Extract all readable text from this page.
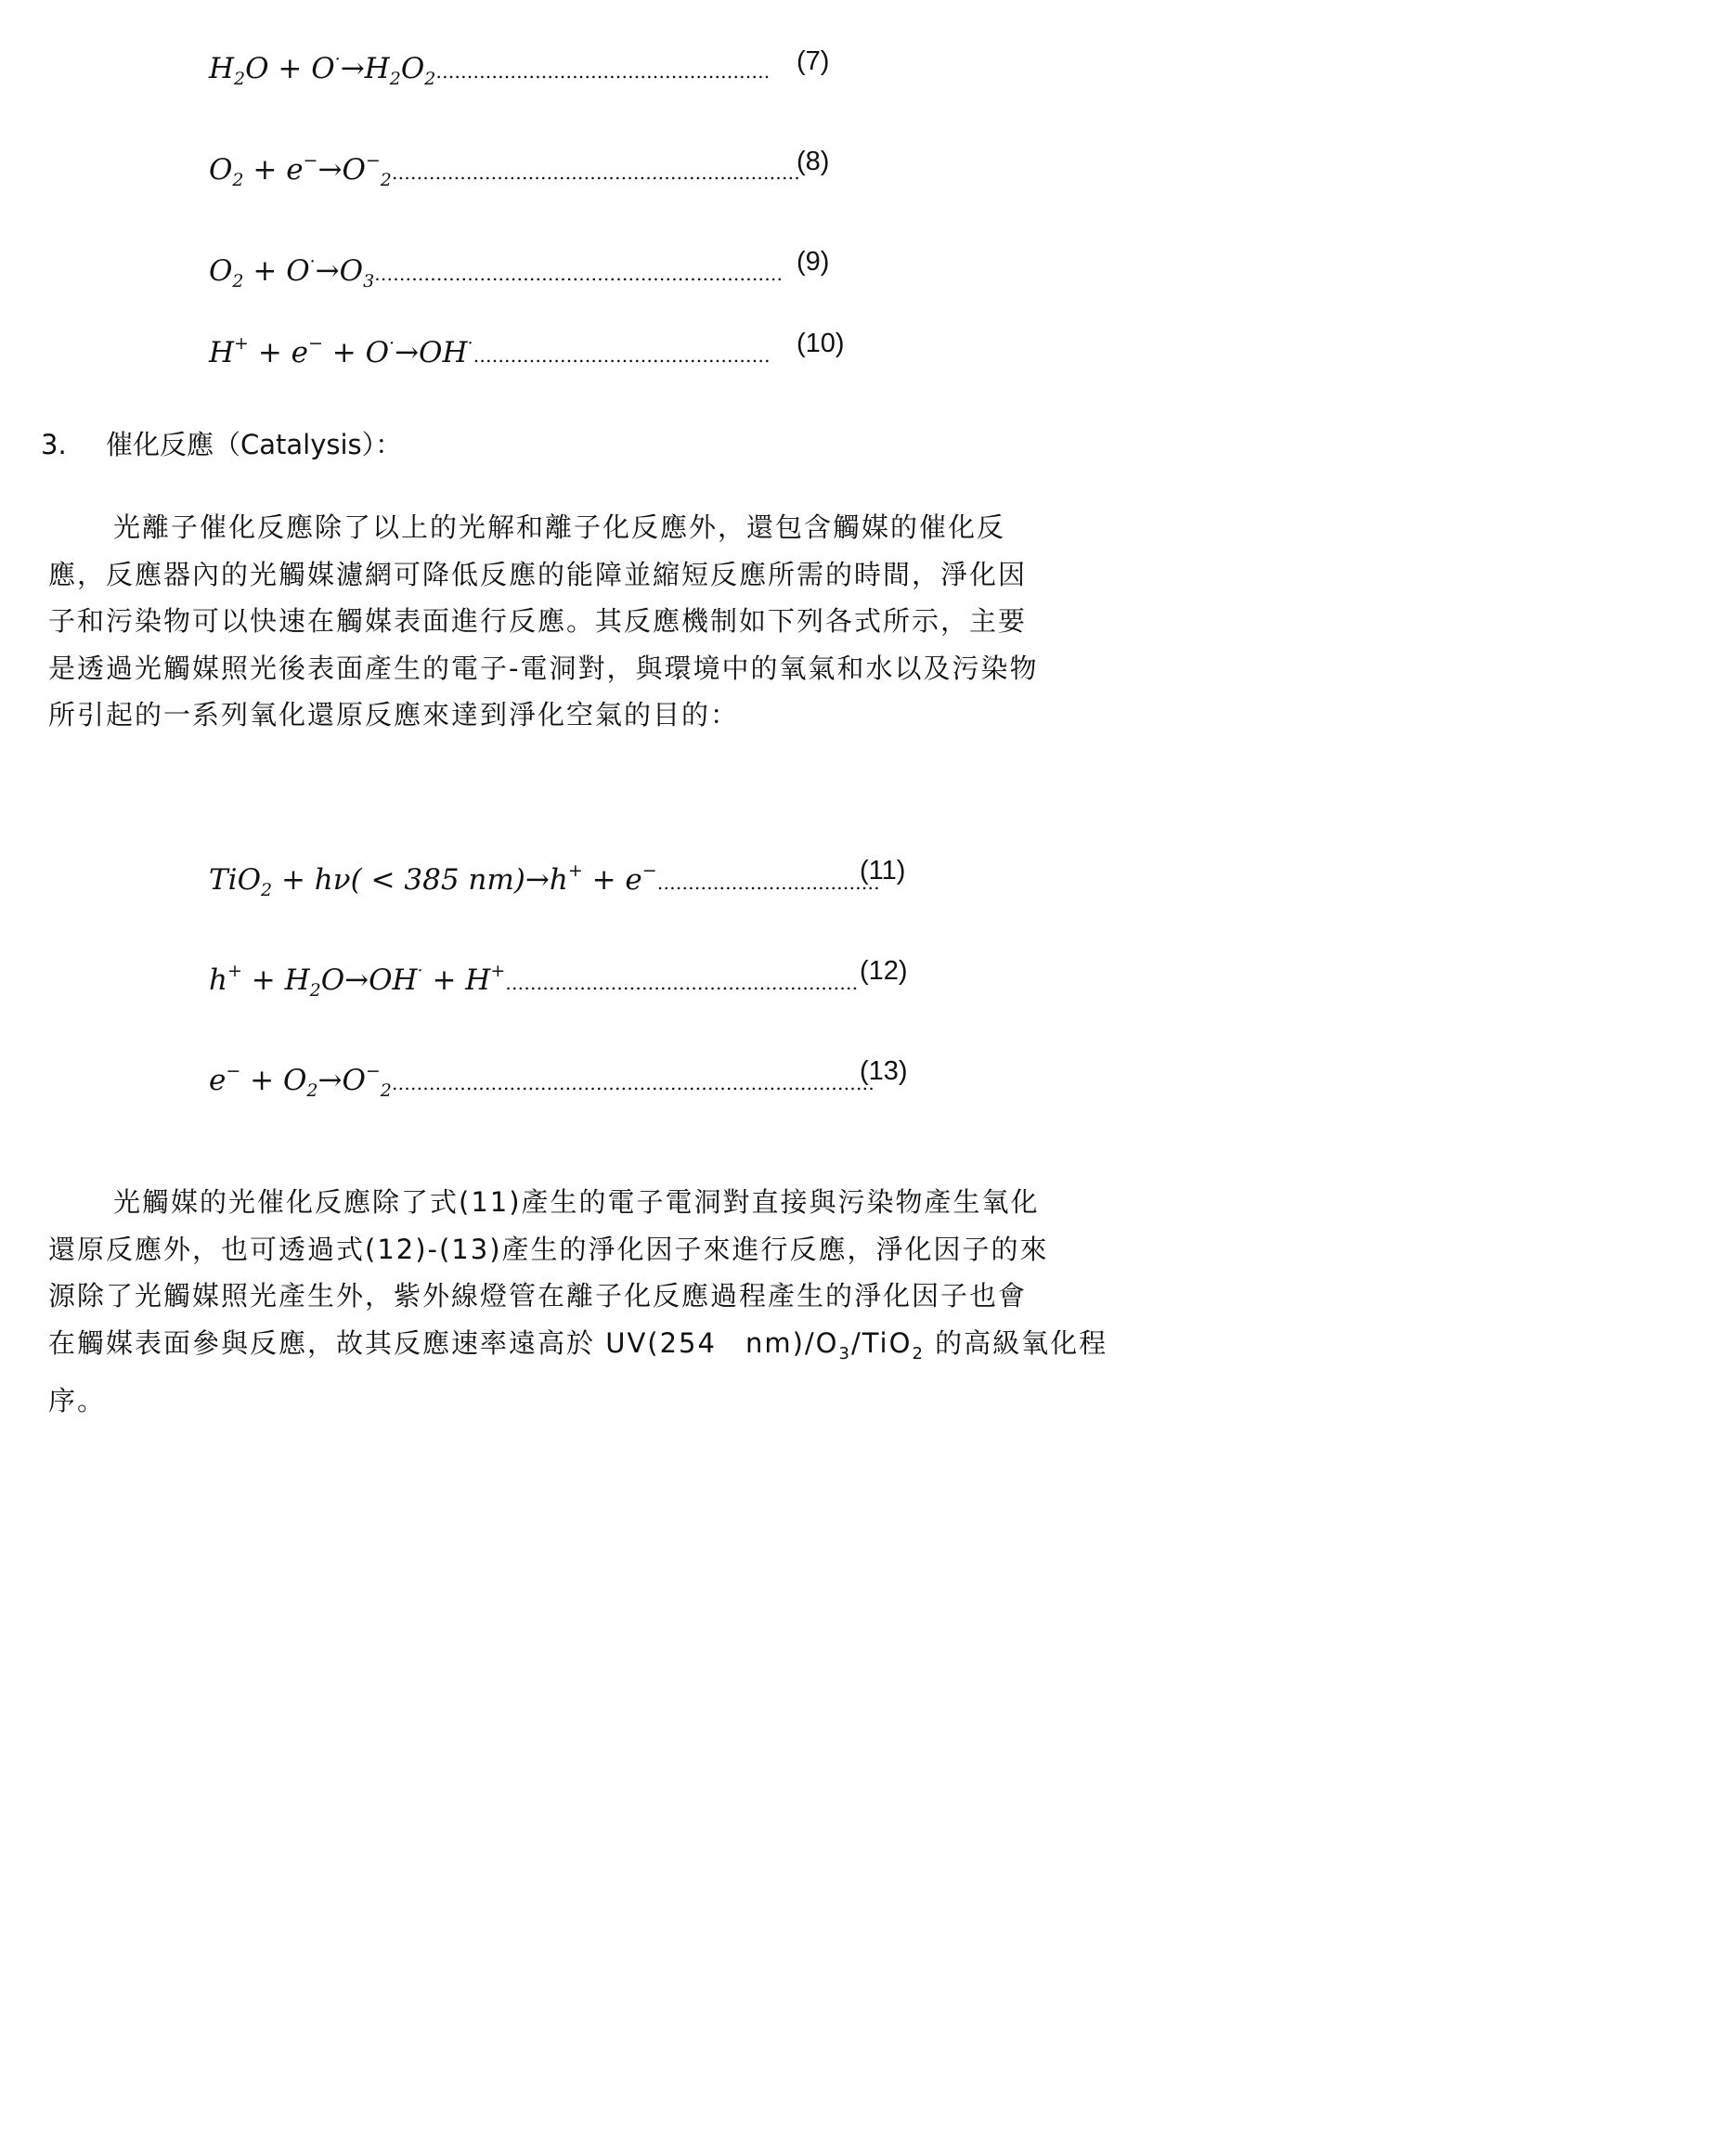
$H_2O$ + $O^\cdot\to H_2O_2\dots\dots\dots\dots\dots\dots\dots\dots\dots\dots\dots\dots\dots\dots\dots\dots\dots\dots$ (7)
$O_2$ + $e^-\to O^-_2\dots\dots\dots\dots\dots\dots\dots\dots\dots\dots\dots\dots\dots\dots\dots\dots\dots\dots\dots\dots\dots\dots$
(8)
$O_2$ + $O^\cdot\to O_3\dots\dots\dots\dots\dots\dots\dots\dots\dots\dots\dots\dots\dots\dots\dots\dots\dots\dots\dots\dots\dots\dots$ (9)
H+ + e− + O·→OH·………………………………………… (10)
3. 催化反應（Catalysis）：
光離子催化反應除了以上的光解和離子化反應外，還包含觸媒的催化反
應，反應器內的光觸媒濾網可降低反應的能障並縮短反應所需的時間，淨化因
子和污染物可以快速在觸媒表面進行反應。其反應機制如下列各式所示，主要
是透過光觸媒照光後表面產生的電子-電洞對，與環境中的氧氣和水以及污染物
所引起的一系列氧化還原反應來達到淨化空氣的目的：
TiO$_2$ + hν( < 385 nm)→h+ + e−………………………………
(11)
$h^+ + H_2O\to OH^\cdot$ + H+………………………………………………… (12)
$e^- + O_2\to O^-_2\dots\dots\dots\dots\dots\dots\dots\dots\dots\dots\dots\dots\dots\dots\dots\dots\dots\dots\dots\dots\dots\dots\dots\dots\dots\dots$
(13)
光觸媒的光催化反應除了式(11)產生的電子電洞對直接與污染物產生氧化
還原反應外，也可透過式(12)-(13)產生的淨化因子來進行反應，淨化因子的來
源除了光觸媒照光產生外，紫外線燈管在離子化反應過程產生的淨化因子也會
在觸媒表面參與反應，故其反應速率遠高於 UV(254　$nm)/O_3/TiO_2$ 的高級氧化程
序。
